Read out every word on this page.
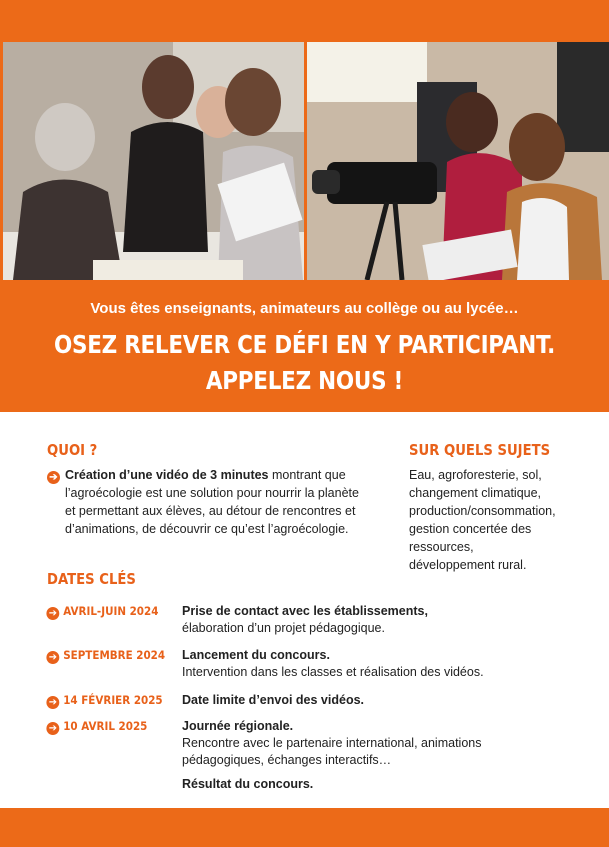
Vous êtes enseignants, animateurs au collège ou au lycée…
OSEZ RELEVER CE DÉFI EN Y PARTICIPANT.
APPELEZ NOUS !
QUOI ?
➔ Création d’une vidéo de 3 minutes montrant que
l’agroécologie est une solution pour nourrir la planète
et permettant aux élèves, au détour de rencontres et
d’animations, de découvrir ce qu’est l’agroécologie.
SUR QUELS SUJETS
Eau, agroforesterie, sol,
changement climatique,
production/consommation,
gestion concertée des
ressources,
développement rural.
DATES CLÉS
➔ AVRIL-JUIN 2024 Prise de contact avec les établissements,
élaboration d’un projet pédagogique.
➔ SEPTEMBRE 2024 Lancement du concours.
Intervention dans les classes et réalisation des vidéos.
➔ 14 FÉVRIER 2025 Date limite d’envoi des vidéos.
➔ 10 AVRIL 2025	Journée régionale.
Rencontre avec le partenaire international, animations
pédagogiques, échanges interactifs…
Résultat du concours.
